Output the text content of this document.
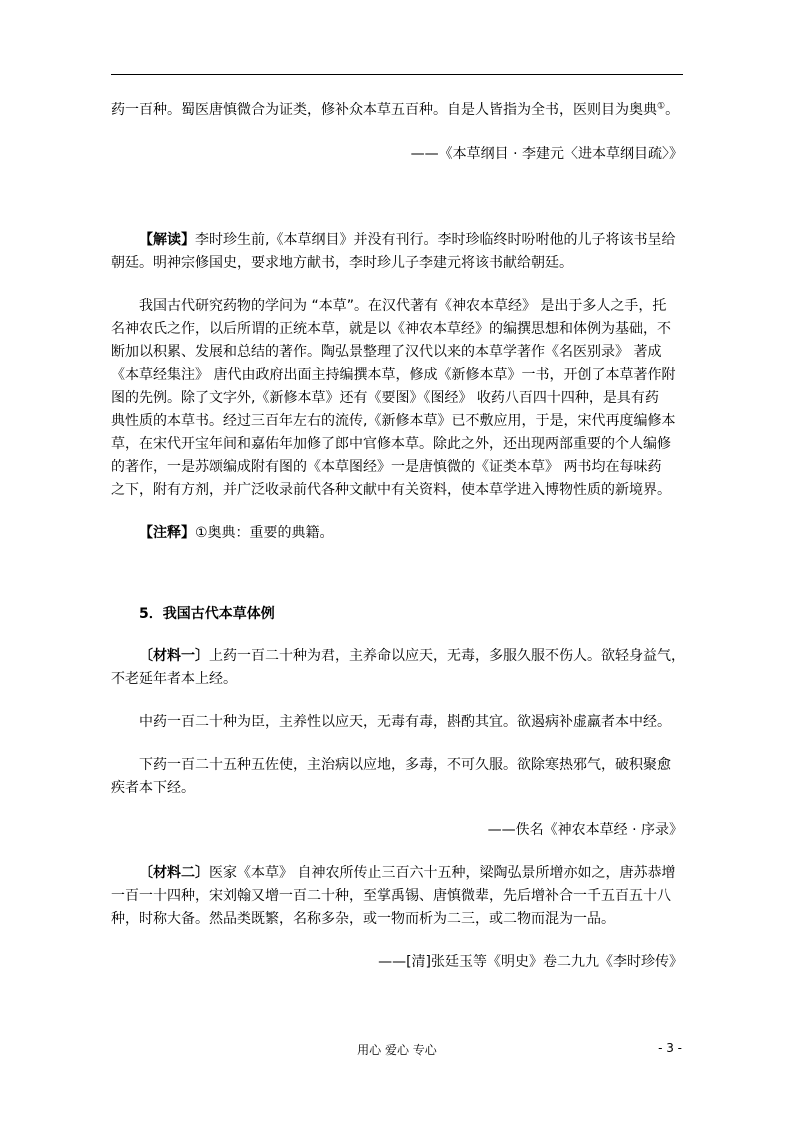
药一百种。蜀医唐慎微合为证类，修补众本草五百种。自是人皆指为全书，医则目为奥典①。
——《本草纲目 · 李建元〈进本草纲目疏〉》
【解读】李时珍生前,《本草纲目》并没有刊行。李时珍临终时吩咐他的儿子将该书呈给
朝廷。明神宗修国史，要求地方献书，李时珍儿子李建元将该书献给朝廷。
我国古代研究药物的学问为 “本草”。在汉代著有《神农本草经》 是出于多人之手，托
名神农氏之作，以后所谓的正统本草，就是以《神农本草经》的编撰思想和体例为基础，不
断加以积累、发展和总结的著作。陶弘景整理了汉代以来的本草学著作《名医别录》 著成
《本草经集注》 唐代由政府出面主持编撰本草，修成《新修本草》一书，开创了本草著作附
图的先例。除了文字外,《新修本草》还有《要图》《图经》 收药八百四十四种，是具有药
典性质的本草书。经过三百年左右的流传,《新修本草》已不敷应用，于是，宋代再度编修本
草，在宋代开宝年间和嘉佑年加修了郎中官修本草。除此之外，还出现两部重要的个人编修
的著作，一是苏颂编成附有图的《本草图经》一是唐慎微的《证类本草》 两书均在每味药
之下，附有方剂，并广泛收录前代各种文献中有关资料，使本草学进入博物性质的新境界。
【注释】①奥典：重要的典籍。
5．我国古代本草体例
〔材料一〕上药一百二十种为君，主养命以应天，无毒，多服久服不伤人。欲轻身益气，
不老延年者本上经。
中药一百二十种为臣，主养性以应天，无毒有毒，斟酌其宜。欲遏病补虚羸者本中经。
下药一百二十五种五佐使，主治病以应地，多毒，不可久服。欲除寒热邪气，破积聚愈
疾者本下经。
——佚名《神农本草经 · 序录》
〔材料二〕医家《本草》 自神农所传止三百六十五种，梁陶弘景所增亦如之，唐苏恭增
一百一十四种，宋刘翰又增一百二十种，至掌禹锡、唐慎微辈，先后增补合一千五百五十八
种，时称大备。然品类既繁，名称多杂，或一物而析为二三，或二物而混为一品。
——[清]张廷玉等《明史》卷二九九《李时珍传》
用心 爱心 专心	- 3 -
